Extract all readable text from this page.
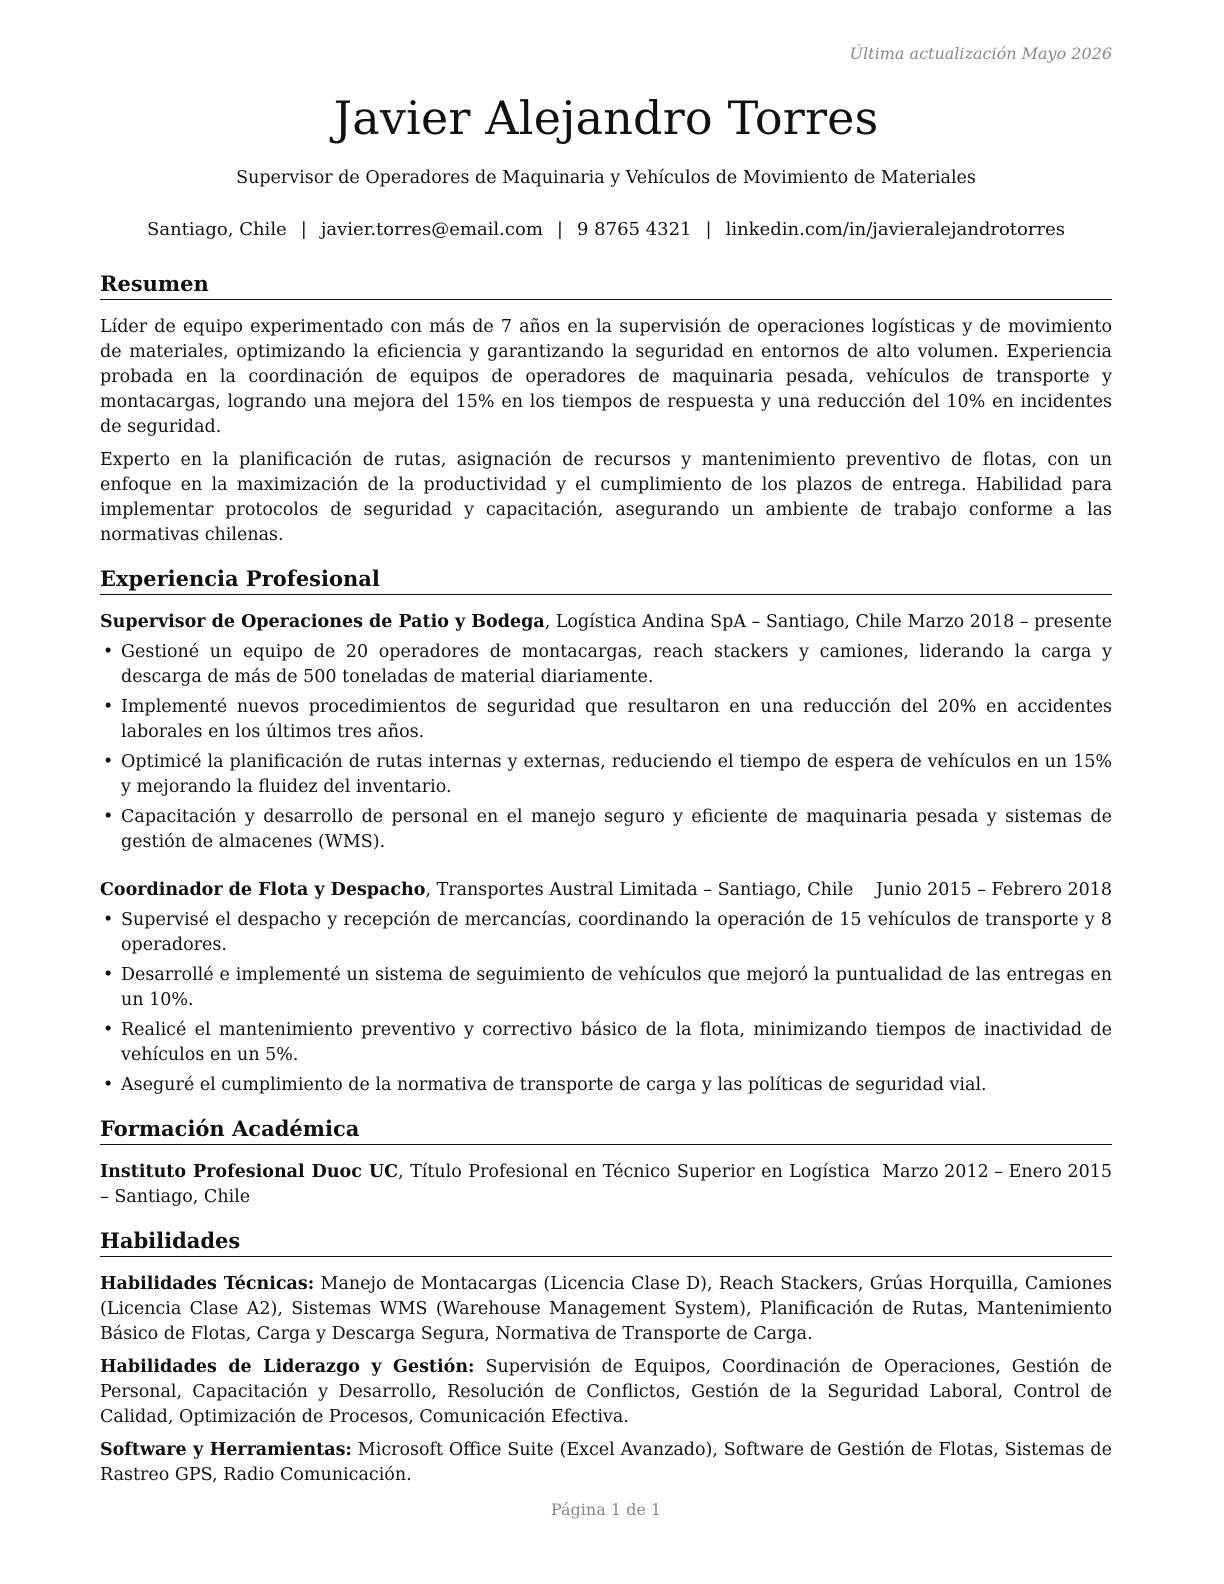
Última actualización Mayo 2026
Javier Alejandro Torres
Supervisor de Operadores de Maquinaria y Vehículos de Movimiento de Materiales
Santiago, Chile | javier.torres@email.com | 9 8765 4321 | linkedin.com/in/javieralejandrotorres
Resumen

Líder de equipo experimentado con más de 7 años en la supervisión de operaciones logísticas y de movimiento de materiales, optimizando la eficiencia y garantizando la seguridad en entornos de alto volumen. Experiencia probada en la coordinación de equipos de operadores de maquinaria pesada, vehículos de transporte y montacargas, logrando una mejora del 15% en los tiempos de respuesta y una reducción del 10% en incidentes de seguridad.

Experto en la planificación de rutas, asignación de recursos y mantenimiento preventivo de flotas, con un enfoque en la maximización de la productividad y el cumplimiento de los plazos de entrega. Habilidad para implementar protocolos de seguridad y capacitación, asegurando un ambiente de trabajo conforme a las normativas chilenas.

Experiencia Profesional
Supervisor de Operaciones de Patio y Bodega, Logística Andina SpA – Santiago, Chile Marzo 2018 – presente
• Gestioné un equipo de 20 operadores de montacargas, reach stackers y camiones, liderando la carga y descarga de más de 500 toneladas de material diariamente.
• Implementé nuevos procedimientos de seguridad que resultaron en una reducción del 20% en accidentes laborales en los últimos tres años.
• Optimicé la planificación de rutas internas y externas, reduciendo el tiempo de espera de vehículos en un 15% y mejorando la fluidez del inventario.
• Capacitación y desarrollo de personal en el manejo seguro y eficiente de maquinaria pesada y sistemas de gestión de almacenes (WMS).
Coordinador de Flota y Despacho, Transportes Austral Limitada – Santiago, Chile Junio 2015 – Febrero 2018
• Supervisé el despacho y recepción de mercancías, coordinando la operación de 15 vehículos de transporte y 8 operadores.
• Desarrollé e implementé un sistema de seguimiento de vehículos que mejoró la puntualidad de las entregas en un 10%.
• Realicé el mantenimiento preventivo y correctivo básico de la flota, minimizando tiempos de inactividad de vehículos en un 5%.
• Aseguré el cumplimiento de la normativa de transporte de carga y las políticas de seguridad vial.
Formación Académica
Instituto Profesional Duoc UC, Título Profesional en Técnico Superior en Logística – Santiago, Chile
Marzo 2012 – Enero 2015
Habilidades

Habilidades Técnicas: Manejo de Montacargas (Licencia Clase D), Reach Stackers, Grúas Horquilla, Camiones (Licencia Clase A2), Sistemas WMS (Warehouse Management System), Planificación de Rutas, Mantenimiento Básico de Flotas, Carga y Descarga Segura, Normativa de Transporte de Carga.

Habilidades de Liderazgo y Gestión: Supervisión de Equipos, Coordinación de Operaciones, Gestión de Personal, Capacitación y Desarrollo, Resolución de Conflictos, Gestión de la Seguridad Laboral, Control de Calidad, Optimización de Procesos, Comunicación Efectiva.

Software y Herramientas: Microsoft Office Suite (Excel Avanzado), Software de Gestión de Flotas, Sistemas de Rastreo GPS, Radio Comunicación.

Página 1 de 1
